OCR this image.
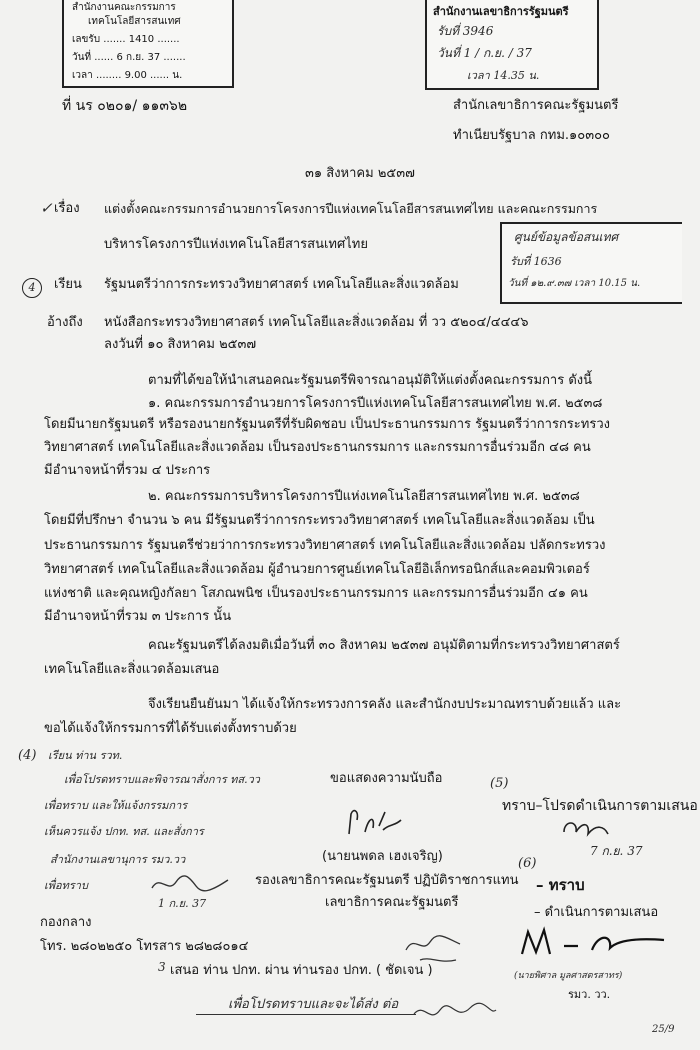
สำนักงานคณะกรรมการ
เทคโนโลยีสารสนเทศ
เลขรับ ....... 1410 .......
วันที่ ...... 6 ก.ย. 37 .......
เวลา ........ 9.00 ...... น.
สำนักงานเลขาธิการรัฐมนตรี
รับที่ 3946
วันที่ 1 / ก.ย. / 37
เวลา 14.35 น.
ที่ นร ๐๒๐๑/ ๑๑๓๖๒	สำนักเลขาธิการคณะรัฐมนตรี
ทำเนียบรัฐบาล กทม.๑๐๓๐๐
๓๑ สิงหาคม ๒๕๓๗
✓ เรื่อง แต่งตั้งคณะกรรมการอำนวยการโครงการปีแห่งเทคโนโลยีสารสนเทศไทย และคณะกรรมการ
บริหารโครงการปีแห่งเทคโนโลยีสารสนเทศไทย	ศูนย์ข้อมูลข้อสนเทศ
รับที่ 1636
วันที่ ๑๒.๙.๓๗ เวลา 10.15 น.
4	เรียน รัฐมนตรีว่าการกระทรวงวิทยาศาสตร์ เทคโนโลยีและสิ่งแวดล้อม
อ้างถึง หนังสือกระทรวงวิทยาศาสตร์ เทคโนโลยีและสิ่งแวดล้อม ที่ วว ๕๒๐๔/๔๔๔๖
ลงวันที่ ๑๐ สิงหาคม ๒๕๓๗
ตามที่ได้ขอให้นำเสนอคณะรัฐมนตรีพิจารณาอนุมัติให้แต่งตั้งคณะกรรมการ ดังนี้
๑. คณะกรรมการอำนวยการโครงการปีแห่งเทคโนโลยีสารสนเทศไทย พ.ศ. ๒๕๓๘
โดยมีนายกรัฐมนตรี หรือรองนายกรัฐมนตรีที่รับผิดชอบ เป็นประธานกรรมการ รัฐมนตรีว่าการกระทรวง
วิทยาศาสตร์ เทคโนโลยีและสิ่งแวดล้อม เป็นรองประธานกรรมการ และกรรมการอื่นร่วมอีก ๔๘ คน
มีอำนาจหน้าที่รวม ๔ ประการ
๒. คณะกรรมการบริหารโครงการปีแห่งเทคโนโลยีสารสนเทศไทย พ.ศ. ๒๕๓๘
โดยมีที่ปรึกษา จำนวน ๖ คน มีรัฐมนตรีว่าการกระทรวงวิทยาศาสตร์ เทคโนโลยีและสิ่งแวดล้อม เป็น
ประธานกรรมการ รัฐมนตรีช่วยว่าการกระทรวงวิทยาศาสตร์ เทคโนโลยีและสิ่งแวดล้อม ปลัดกระทรวง
วิทยาศาสตร์ เทคโนโลยีและสิ่งแวดล้อม ผู้อำนวยการศูนย์เทคโนโลยีอิเล็กทรอนิกส์และคอมพิวเตอร์
แห่งชาติ และคุณหญิงกัลยา โสภณพนิช เป็นรองประธานกรรมการ และกรรมการอื่นร่วมอีก ๔๑ คน
มีอำนาจหน้าที่รวม ๓ ประการ นั้น
คณะรัฐมนตรีได้ลงมติเมื่อวันที่ ๓๐ สิงหาคม ๒๕๓๗ อนุมัติตามที่กระทรวงวิทยาศาสตร์
เทคโนโลยีและสิ่งแวดล้อมเสนอ
จึงเรียนยืนยันมา ได้แจ้งให้กระทรวงการคลัง และสำนักงบประมาณทราบด้วยแล้ว และ
ขอได้แจ้งให้กรรมการที่ได้รับแต่งตั้งทราบด้วย
(4) เรียน ท่าน รวท.
เพื่อโปรดทราบและพิจารณาสั่งการ ทส.วว
เพื่อทราบ และให้แจ้งกรรมการ
เห็นควรแจ้ง ปกท. ทส. และสั่งการ
สำนักงานเลขานุการ รมว.วว
เพื่อทราบ
1 ก.ย. 37
ขอแสดงความนับถือ
(นายนพดล เฮงเจริญ)
รองเลขาธิการคณะรัฐมนตรี ปฏิบัติราชการแทน
เลขาธิการคณะรัฐมนตรี
(5)
ทราบ–โปรดดำเนินการตามเสนอ
7 ก.ย. 37
(6)
– ทราบ
– ดำเนินการตามเสนอ
(นายพิศาล มูลศาสตรสาทร)
รมว. วว.
กองกลาง
โทร. ๒๘๐๒๒๕๐ โทรสาร ๒๘๒๘๐๑๔
3 เสนอ ท่าน ปกท. ผ่าน ท่านรอง ปกท. ( ชัดเจน )
เพื่อโปรดทราบและจะได้ส่ง ต่อ
25/9
